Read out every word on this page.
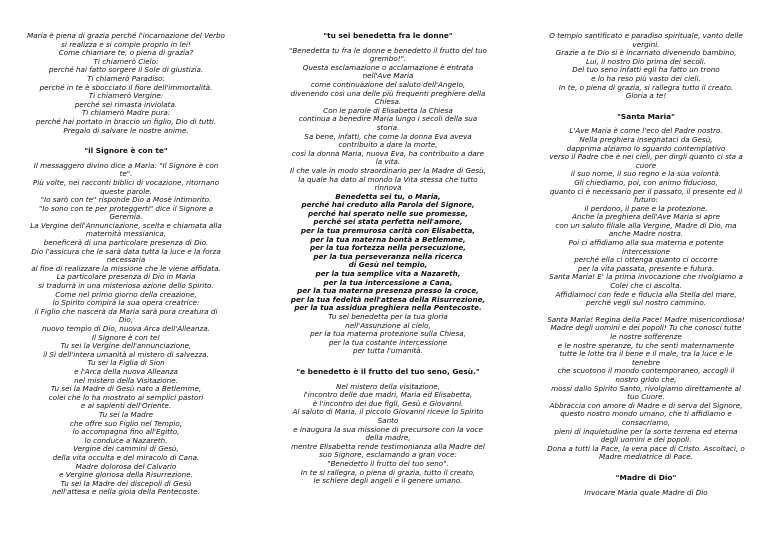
Maria è piena di grazia perché l'incarnazione del Verbo
si realizza e si compie proprio in lei!
Come chiamare te, o piena di grazia?
Ti chiamerò Cielo:
perché hai fatto sorgere il Sole di giustizia.
Ti chiamerò Paradiso:
perché in te è sbocciato il fiore dell'immortalità.
Ti chiamerò Vergine:
perché sei rimasta inviolata.
Ti chiamerò Madre pura:
perché hai portato in braccio un figlio, Dio di tutti.
Pregalo di salvare le nostre anime.

"il Signore è con te"

Il messaggero divino dice a Maria: "Il Signore è con
te".
Più volte, nei racconti biblici di vocazione, ritornano
queste parole.
"Io sarò con te" risponde Dio a Mosè intimorito.
"Io sono con te per proteggerti" dice il Signore a
Geremia.
La Vergine dell'Annunciazione, scelta e chiamata alla
maternità messianica,
beneficerà di una particolare presenza di Dio.
Dio l'assicura che le sarà data tutta la luce e la forza
necessaria
al fine di realizzare la missione che le viene affidata.
La particolare presenza di Dio in Maria
si tradurrà in una misteriosa azione dello Spirito.
Come nel primo giorno della creazione,
lo Spirito compirà la sua opera creatrice:
il Figlio che nascerà da Maria sarà pura creatura di
Dio,
nuovo tempio di Dio, nuova Arca dell'Alleanza.
Il Signore è con te!
Tu sei la Vergine dell'annunciazione,
il Sì dell'intera umanità al mistero di salvezza.
Tu sei la Figlia di Sion
e l'Arca della nuova Alleanza
nel mistero della Visitazione.
Tu sei la Madre di Gesù nato a Betlemme,
colei che lo ha mostrato ai semplici pastori
e ai sapienti dell'Oriente.
Tu sei la Madre
che offre suo Figlio nel Tempio,
lo accompagna fino all'Egitto,
lo conduce a Nazareth.
Vergine dei cammini di Gesù,
della vita occulta e del miracolo di Cana.
Madre dolorosa del Calvario
e Vergine gloriosa della Risurrezione.
Tu sei la Madre dei discepoli di Gesù
nell'attesa e nella gioia della Pentecoste.

"tu sei benedetta fra le donne"

"Benedetta tu fra le donne e benedetto il frutto del tuo
grembo!".
Questa esclamazione o acclamazione è entrata
nell'Ave Maria
come continuazione del saluto dell'Angelo,
divenendo così una delle più frequenti preghiere della
Chiesa.
Con le parole di Elisabetta la Chiesa
continua a benedire Maria lungo i secoli della sua
storia.
Sa bene, infatti, che come la donna Eva aveva
contribuito a dare la morte,
così la donna Maria, nuova Eva, ha contribuito a dare
la vita.
Il che vale in modo straordinario per la Madre di Gesù,
la quale ha dato al mondo la Vita stessa che tutto
rinnova

Benedetta sei tu, o Maria,
perché hai creduto alla Parola del Signore,
perché hai sperato nelle sue promesse,
perché sei stata perfetta nell'amore,
per la tua premurosa carità con Elisabetta,
per la tua materna bontà a Betlemme,
per la tua fortezza nella persecuzione,
per la tua perseveranza nella ricerca
di Gesù nel tempio,
per la tua semplice vita a Nazareth,
per la tua intercessione a Cana,
per la tua materna presenza presso la croce,
per la tua fedeltà nell'attesa della Risurrezione,
per la tua assidua preghiera nella Pentecoste.

Tu sei benedetta per la tua gloria
nell'Assunzione al cielo,
per la tua materna protezione sulla Chiesa,
per la tua costante intercessione
per tutta l'umanità.

"e benedetto è il frutto del tuo seno, Gesù."

Nel mistero della visitazione,
l'incontro delle due madri, Maria ed Elisabetta,
è l'incontro dei due figli, Gesù e Giovanni.
Al saluto di Maria, il piccolo Giovanni riceve lo Spirito
Santo
e inaugura la sua missione di precursore con la voce
della madre,
mentre Elisabetta rende testimonianza alla Madre del
suo Signore, esclamando a gran voce:
"Benedetto il frutto del tuo seno".
In te si rallegra, o piena di grazia, tutto il creato,
le schiere degli angeli e il genere umano.

O tempio santificato e paradiso spirituale, vanto delle
vergini.
Grazie a te Dio si è incarnato divenendo bambino,
Lui, il nostro Dio prima dei secoli.
Del tuo seno infatti egli ha fatto un trono
e lo ha reso più vasto dei cieli.
In te, o piena di grazia, si rallegra tutto il creato.
Gloria a te!

"Santa Maria"

L'Ave Maria è come l'eco del Padre nostro.
Nella preghiera insegnataci da Gesù,
dapprima alziamo lo sguardo contemplativo
verso il Padre che è nei cieli, per dirgli quanto ci sta a
cuore
il suo nome, il suo regno e la sua volontà.
Gli chiediamo, poi, con animo fiducioso,
quanto ci è necessario per il passato, il presente ed il
futuro:
il perdono, il pane e la protezione.
Anche la preghiera dell'Ave Maria si apre
con un saluto filiale alla Vergine, Madre di Dio, ma
anche Madre nostra.
Poi ci affidiamo alla sua materna e potente
intercessione
perché ella ci ottenga quanto ci occorre
per la vita passata, presente e futura.
Santa Maria! E' la prima invocazione che rivolgiamo a
Colei che ci ascolta.
Affidiamoci con fede e fiducia alla Stella del mare,
perché vegli sul nostro cammino.

Santa Maria! Regina della Pace! Madre misericordiosa!
Madre degli uomini e dei popoli! Tu che conosci tutte
le nostre sofferenze
e le nostre speranze, tu che senti maternamente
tutte le lotte tra il bene e il male, tra la luce e le
tenebre
che scuotono il mondo contemporaneo, accogli il
nostro grido che,
mossi dallo Spirito Santo, rivolgiamo direttamente al
tuo Cuore.
Abbraccia con amore di Madre e di serva del Signore,
questo nostro mondo umano, che ti affidiamo e
consacriamo,
pieni di inquietudine per la sorte terrena ed eterna
degli uomini e dei popoli.
Dona a tutti la Pace, la vera pace di Cristo. Ascoltaci, o
Madre mediatrice di Pace.

"Madre di Dio"

Invocare Maria quale Madre di Dio
